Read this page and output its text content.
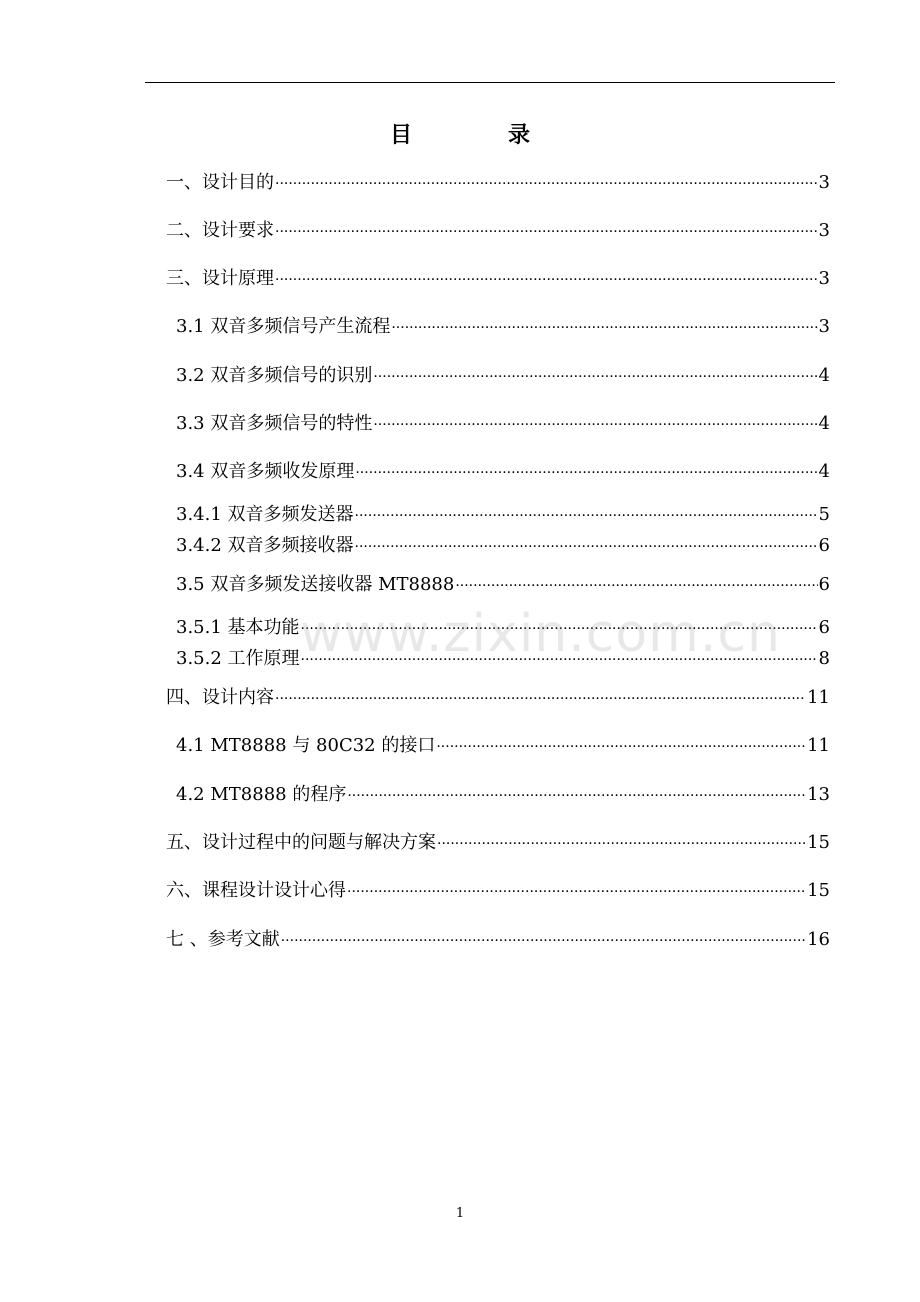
目	录
一、设计目的 ·····	3
二、设计要求 ·····	3
三、设计原理 ·····	3
3.1 双音多频信号产生流程 ·····	3
3.2 双音多频信号的识别 ·····	4
3.3 双音多频信号的特性 ·····	4
3.4 双音多频收发原理 ·····	4
3.4.1 双音多频发送器 ·····	5
3.4.2 双音多频接收器 ·····	6
3.5 双音多频发送接收器 MT8888 ·····	6
3.5.1 基本功能 ·····	6
3.5.2 工作原理 ·····	8
四、设计内容 ·····	11
4.1 MT8888 与 80C32 的接口 ·····	11
4.2 MT8888 的程序 ·····	13
五、设计过程中的问题与解决方案 ·····	15
六、课程设计设计心得 ·····	15
七 、参考文献 ·····	16
www.zixin.com.cn
1
